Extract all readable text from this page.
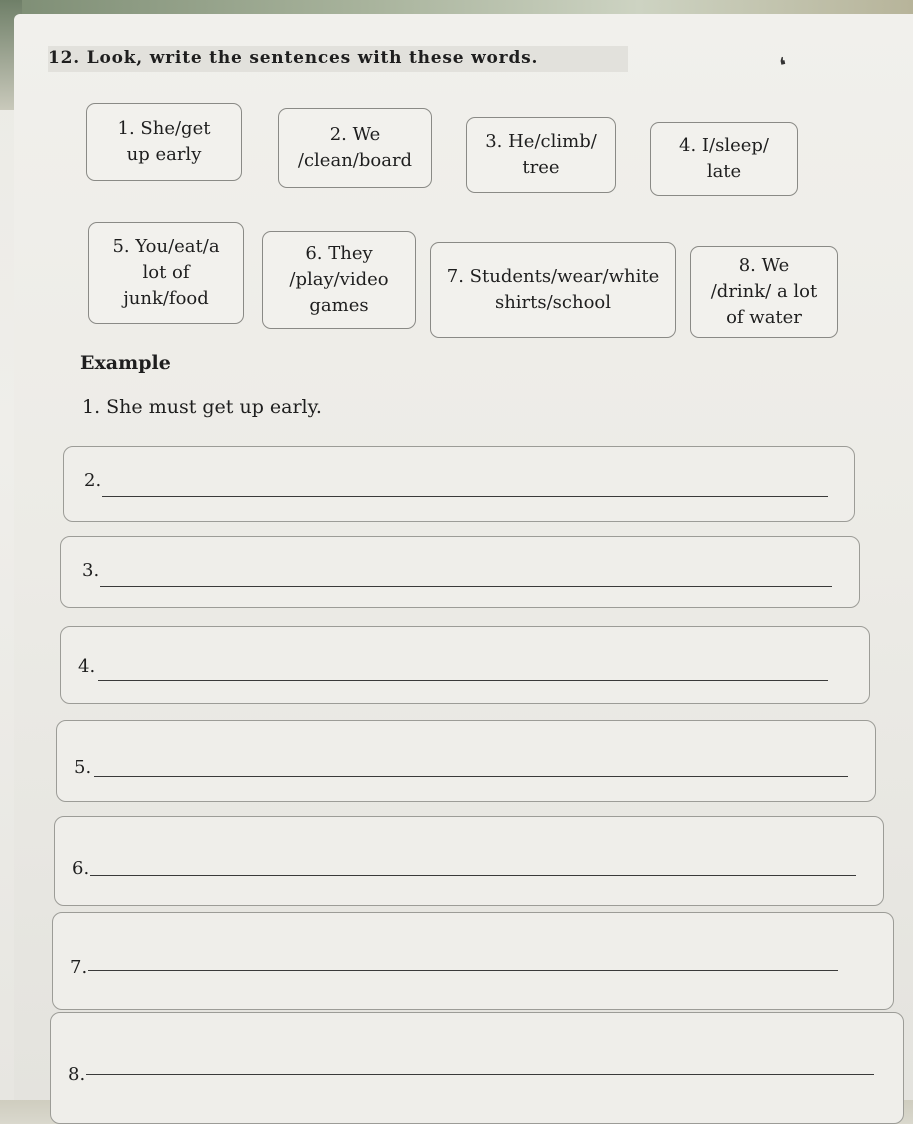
12. Look, write the sentences with these words.	❛
1. She/get
up early
2. We
/clean/board
3. He/climb/
tree
4. I/sleep/
late
5. You/eat/a
lot of
junk/food
6. They
/play/video
games
7. Students/wear/white
shirts/school
8. We
/drink/ a lot
of water
Example
1. She must get up early.
2.
3.
4.
5.
6.
7.
8.
